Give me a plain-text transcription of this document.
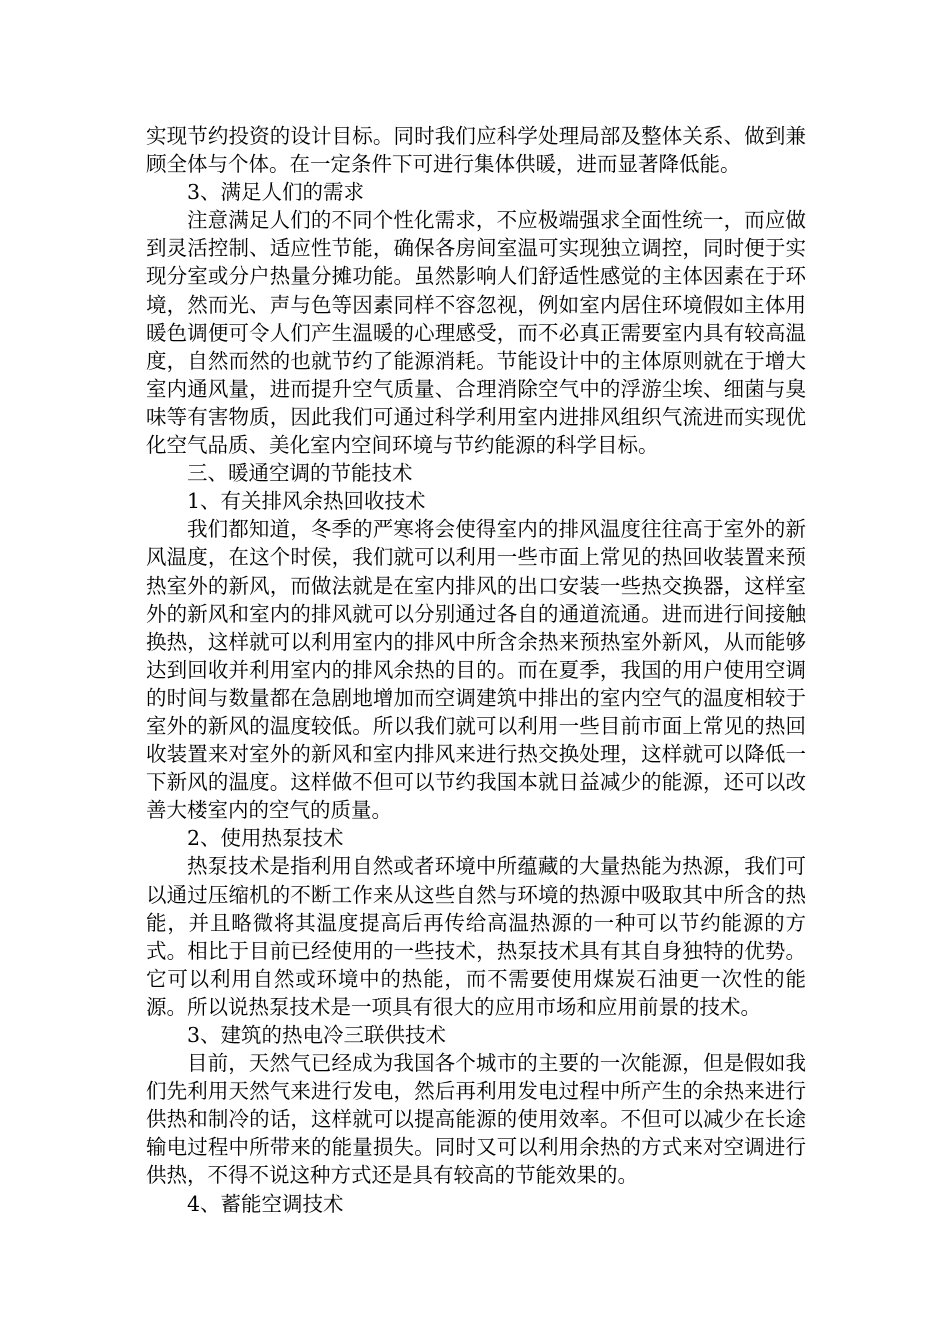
实现节约投资的设计目标。同时我们应科学处理局部及整体关系、做到兼顾全体与个体。在一定条件下可进行集体供暖，进而显著降低能。

3、满足人们的需求

注意满足人们的不同个性化需求，不应极端强求全面性统一，而应做到灵活控制、适应性节能，确保各房间室温可实现独立调控，同时便于实现分室或分户热量分摊功能。虽然影响人们舒适性感觉的主体因素在于环境，然而光、声与色等因素同样不容忽视，例如室内居住环境假如主体用暖色调便可令人们产生温暖的心理感受，而不必真正需要室内具有较高温度，自然而然的也就节约了能源消耗。节能设计中的主体原则就在于增大室内通风量，进而提升空气质量、合理消除空气中的浮游尘埃、细菌与臭味等有害物质，因此我们可通过科学利用室内进排风组织气流进而实现优化空气品质、美化室内空间环境与节约能源的科学目标。

三、暖通空调的节能技术

1、有关排风余热回收技术

我们都知道，冬季的严寒将会使得室内的排风温度往往高于室外的新风温度，在这个时侯，我们就可以利用一些市面上常见的热回收装置来预热室外的新风，而做法就是在室内排风的出口安装一些热交换器，这样室外的新风和室内的排风就可以分别通过各自的通道流通。进而进行间接触换热，这样就可以利用室内的排风中所含余热来预热室外新风，从而能够达到回收并利用室内的排风余热的目的。而在夏季，我国的用户使用空调的时间与数量都在急剧地增加而空调建筑中排出的室内空气的温度相较于室外的新风的温度较低。所以我们就可以利用一些目前市面上常见的热回收装置来对室外的新风和室内排风来进行热交换处理，这样就可以降低一下新风的温度。这样做不但可以节约我国本就日益减少的能源，还可以改善大楼室内的空气的质量。

2、使用热泵技术

热泵技术是指利用自然或者环境中所蕴藏的大量热能为热源，我们可以通过压缩机的不断工作来从这些自然与环境的热源中吸取其中所含的热能，并且略微将其温度提高后再传给高温热源的一种可以节约能源的方式。相比于目前已经使用的一些技术，热泵技术具有其自身独特的优势。它可以利用自然或环境中的热能，而不需要使用煤炭石油更一次性的能源。所以说热泵技术是一项具有很大的应用市场和应用前景的技术。

3、建筑的热电冷三联供技术

目前，天然气已经成为我国各个城市的主要的一次能源，但是假如我们先利用天然气来进行发电，然后再利用发电过程中所产生的余热来进行供热和制冷的话，这样就可以提高能源的使用效率。不但可以减少在长途输电过程中所带来的能量损失。同时又可以利用余热的方式来对空调进行供热，不得不说这种方式还是具有较高的节能效果的。

4、蓄能空调技术
